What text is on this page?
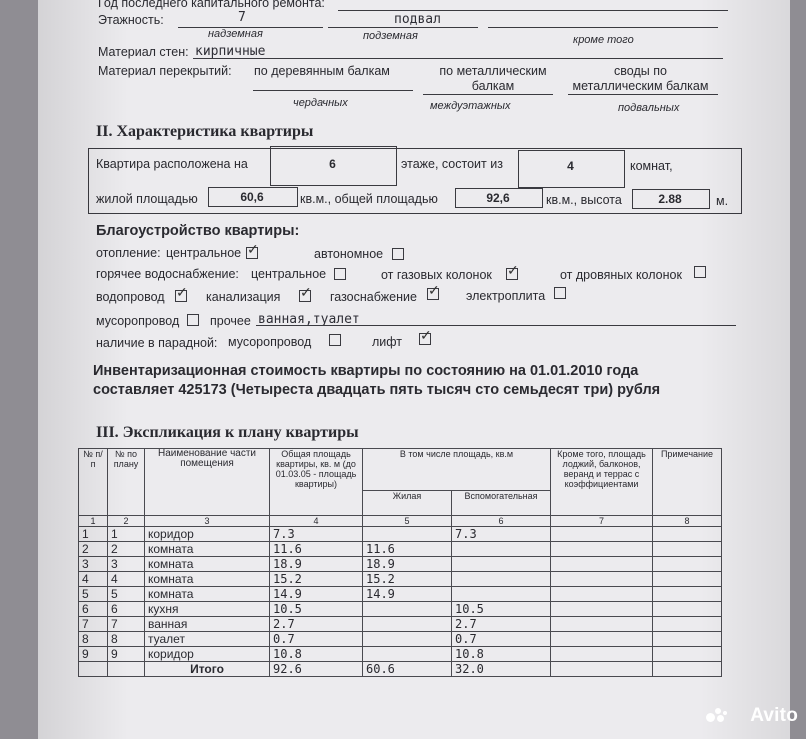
Год последнего капитального ремонта:
Этажность:	7	подвал
надземная	подземная	кроме того
Материал стен: кирпичные
Материал перекрытий: по деревянным балкам	по металлическим балкам
своды по металлическим балкам
чердачных	междуэтажных	подвальных
II. Характеристика квартиры
Квартира расположена на	6	этаже, состоит из	4	комнат,
жилой площадью	60,6	кв.м., общей площадью	92,6	кв.м., высота	2.88	м.
Благоустройство квартиры:
отопление: центральное ✓	автономное
горячее водоснабжение: центральное	от газовых колонок ✓	от дровяных колонок
водопровод ✓ канализация ✓ газоснабжение ✓ электроплита
мусоропровод прочее ванная,туалет
наличие в парадной: мусоропровод	лифт ✓
Инвентаризационная стоимость квартиры по состоянию на 01.01.2010 года
составляет 425173 (Четыреста двадцать пять тысяч сто семьдесят три) рубля
III. Экспликация к плану квартиры
№ п/п	№ по плану	Наименование части помещения	Общая площадь квартиры, кв. м (до 01.03.05 - площадь квартиры)	В том числе площадь, кв.м		Кроме того, площадь лоджий, балконов, веранд и террас с коэффициентами	Примечание
				Жилая	Вспомогательная		
1	2	3	4	5	6	7	8
1	1	коридор	7.3		7.3		
2	2	комната	11.6	11.6			
3	3	комната	18.9	18.9			
4	4	комната	15.2	15.2			
5	5	комната	14.9	14.9			
6	6	кухня	10.5		10.5		
7	7	ванная	2.7		2.7		
8	8	туалет	0.7		0.7		
9	9	коридор	10.8		10.8		
		Итого	92.6	60.6	32.0		
Avito
